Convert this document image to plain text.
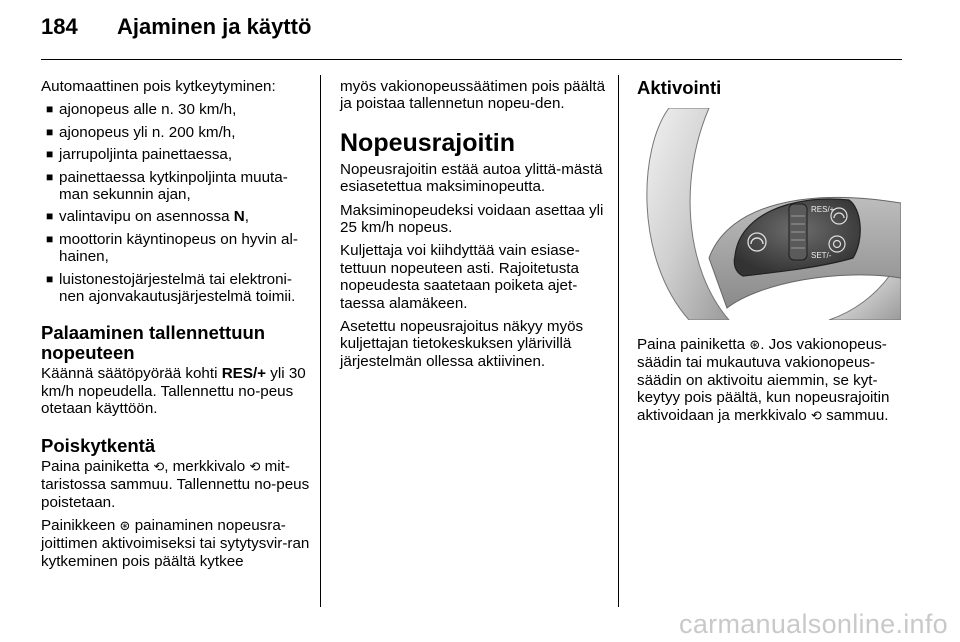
184 Ajaminen ja käyttö

Automaattinen pois kytkeytyminen:

■ ajonopeus alle n. 30 km/h,
■ ajonopeus yli n. 200 km/h,
■ jarrupoljinta painettaessa,
■ painettaessa kytkinpoljinta muuta-man sekunnin ajan,
■ valintavipu on asennossa N,
■ moottorin käyntinopeus on hyvin al-hainen,
■ luistonestojärjestelmä tai elektroni-nen ajonvakautusjärjestelmä toimii.
Palaaminen tallennettuun nopeuteen

Käännä säätöpyörää kohti RES/+ yli 30 km/h nopeudella. Tallennettu no-peus otetaan käyttöön.

Poiskytkentä

Paina painiketta ⟲, merkkivalo ⟲ mit-taristossa sammuu. Tallennettu no-peus poistetaan.

Painikkeen ⊛ painaminen nopeusra-joittimen aktivoimiseksi tai sytytysvir-ran kytkeminen pois päältä kytkee

myös vakionopeussäätimen pois päältä ja poistaa tallennetun nopeu-den.

Nopeusrajoitin

Nopeusrajoitin estää autoa ylittä-mästä esiasetettua maksiminopeutta.

Maksiminopeudeksi voidaan asettaa yli 25 km/h nopeus.

Kuljettaja voi kiihdyttää vain esiase-tettuun nopeuteen asti. Rajoitetusta nopeudesta saatetaan poiketa ajet-taessa alamäkeen.

Asetettu nopeusrajoitus näkyy myös kuljettajan tietokeskuksen ylärivillä järjestelmän ollessa aktiivinen.

Aktivointi
RES/+
SET/-

Paina painiketta ⊛. Jos vakionopeus-säädin tai mukautuva vakionopeus-säädin on aktivoitu aiemmin, se kyt-keytyy pois päältä, kun nopeusrajoitin aktivoidaan ja merkkivalo ⟲ sammuu.

carmanualsonline.info
